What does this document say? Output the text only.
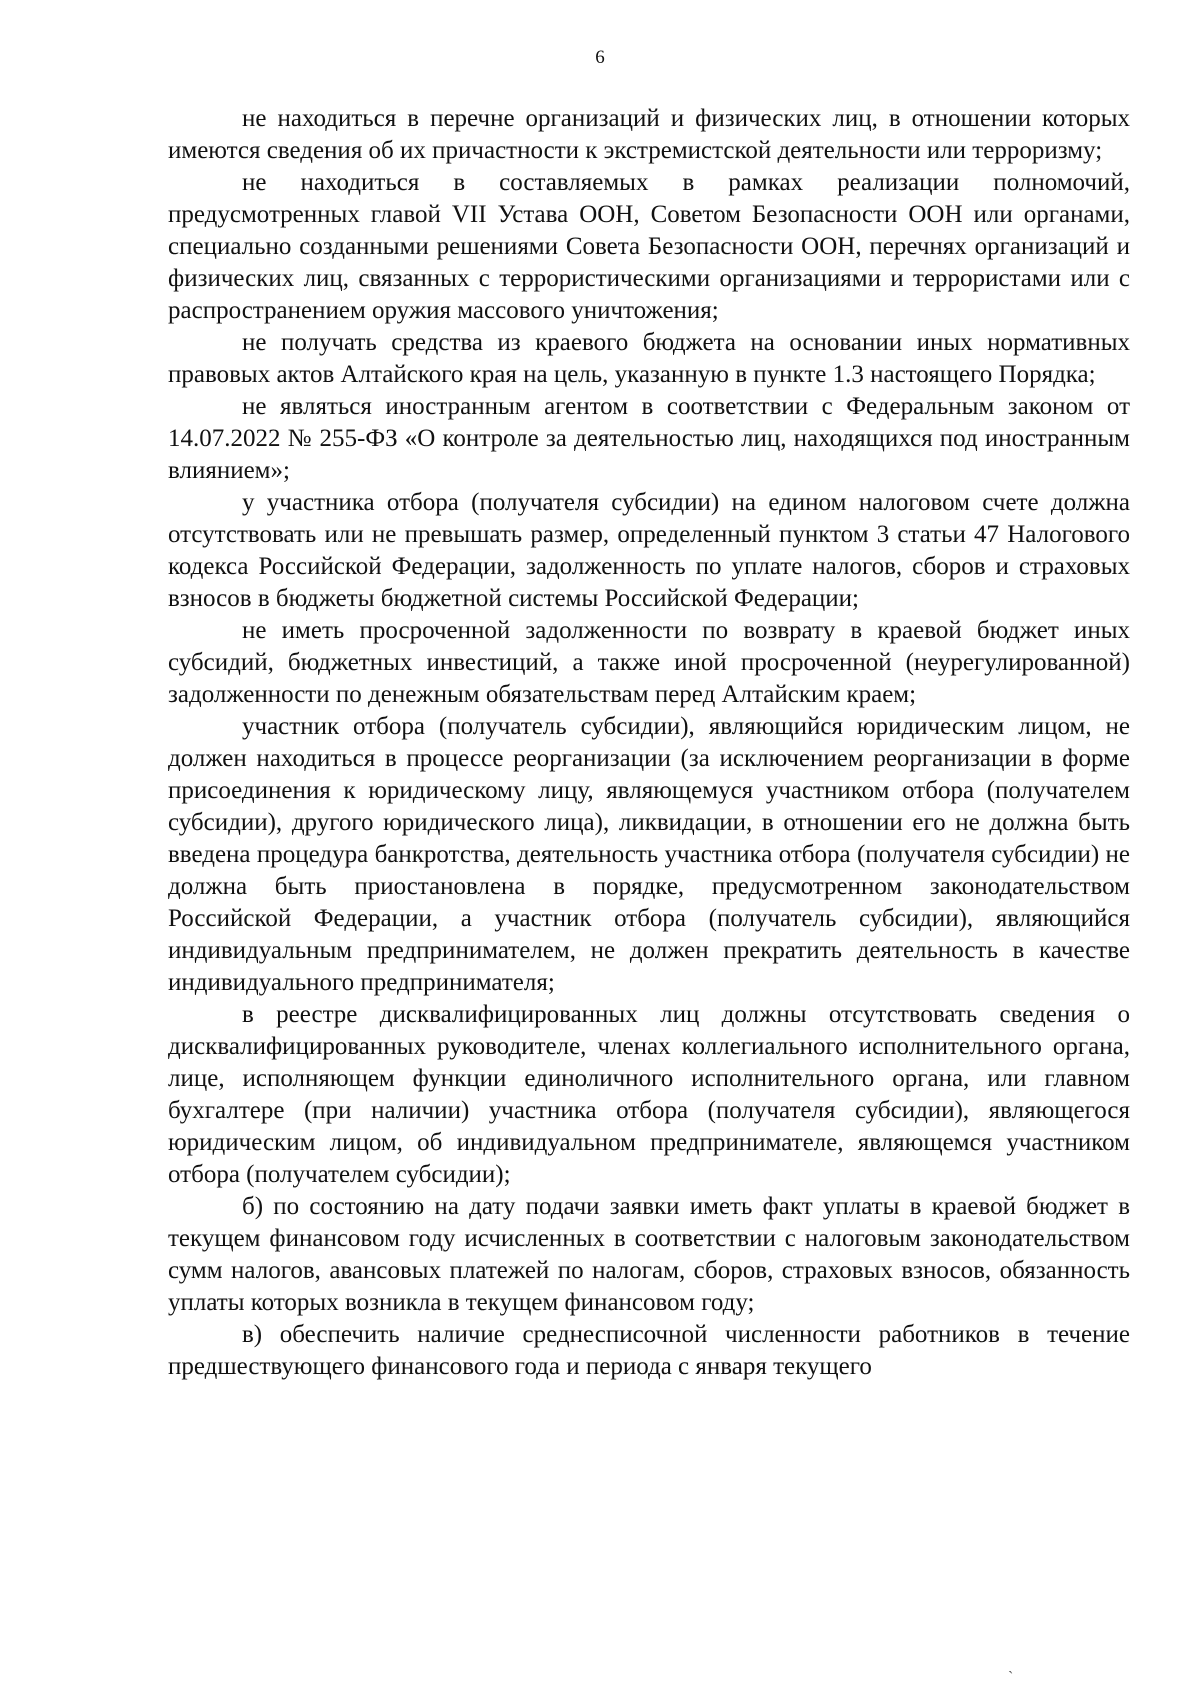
6

не находиться в перечне организаций и физических лиц, в отношении которых имеются сведения об их причастности к экстремистской деятельности или терроризму;

не находиться в составляемых в рамках реализации полномочий, предусмотренных главой VII Устава ООН, Советом Безопасности ООН или органами, специально созданными решениями Совета Безопасности ООН, перечнях организаций и физических лиц, связанных с террористическими организациями и террористами или с распространением оружия массового уничтожения;

не получать средства из краевого бюджета на основании иных нормативных правовых актов Алтайского края на цель, указанную в пункте 1.3 настоящего Порядка;

не являться иностранным агентом в соответствии с Федеральным законом от 14.07.2022 № 255-ФЗ «О контроле за деятельностью лиц, находящихся под иностранным влиянием»;

у участника отбора (получателя субсидии) на едином налоговом счете должна отсутствовать или не превышать размер, определенный пунктом 3 статьи 47 Налогового кодекса Российской Федерации, задолженность по уплате налогов, сборов и страховых взносов в бюджеты бюджетной системы Российской Федерации;

не иметь просроченной задолженности по возврату в краевой бюджет иных субсидий, бюджетных инвестиций, а также иной просроченной (неурегулированной) задолженности по денежным обязательствам перед Алтайским краем;

участник отбора (получатель субсидии), являющийся юридическим лицом, не должен находиться в процессе реорганизации (за исключением реорганизации в форме присоединения к юридическому лицу, являющемуся участником отбора (получателем субсидии), другого юридического лица), ликвидации, в отношении его не должна быть введена процедура банкротства, деятельность участника отбора (получателя субсидии) не должна быть приостановлена в порядке, предусмотренном законодательством Российской Федерации, а участник отбора (получатель субсидии), являющийся индивидуальным предпринимателем, не должен прекратить деятельность в качестве индивидуального предпринимателя;

в реестре дисквалифицированных лиц должны отсутствовать сведения о дисквалифицированных руководителе, членах коллегиального исполнительного органа, лице, исполняющем функции единоличного исполнительного органа, или главном бухгалтере (при наличии) участника отбора (получателя субсидии), являющегося юридическим лицом, об индивидуальном предпринимателе, являющемся участником отбора (получателем субсидии);

б) по состоянию на дату подачи заявки иметь факт уплаты в краевой бюджет в текущем финансовом году исчисленных в соответствии с налоговым законодательством сумм налогов, авансовых платежей по налогам, сборов, страховых взносов, обязанность уплаты которых возникла в текущем финансовом году;

в) обеспечить наличие среднесписочной численности работников в течение предшествующего финансового года и периода с января текущего

ˎ
